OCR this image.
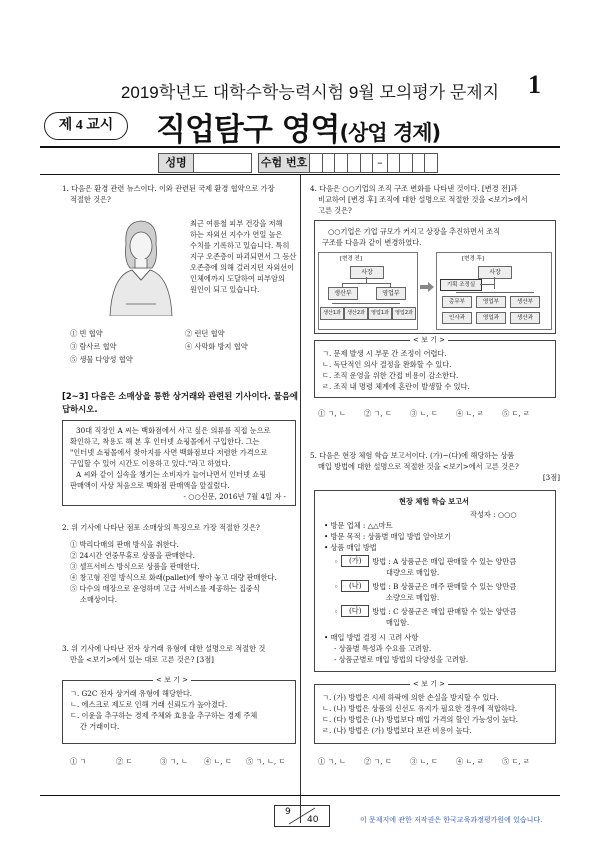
2019학년도 대학수학능력시험 9월 모의평가 문제지 1
제 4 교시	직업탐구 영역(상업 경제)
성명	수험 번호	–
1. 다음은 환경 관련 뉴스이다. 이와 관련된 국제 환경 협약으로 가장
적절한 것은?
최근 여름철 피부 건강을 저해
하는 자외선 지수가 연일 높은
수치를 기록하고 있습니다. 특히
지구 오존층이 파괴되면서 그 등산
오존층에 의해 걸러지던 자외선이
인체에까지 도달하여 피부암의
원인이 되고 있습니다.
① 빈 협약	② 런던 협약
③ 람사르 협약	④ 사막화 방지 협약
⑤ 생물 다양성 협약
[2~3] 다음은 소매상을 통한 상거래와 관련된 기사이다. 물음에
답하시오.
30대 직장인 A 씨는 백화점에서 사고 싶은 의류를 직접 눈으로
확인하고, 착용도 해 본 후 인터넷 쇼핑몰에서 구입한다. 그는
"인터넷 쇼핑몰에서 찾아지를 사면 백화점보다 저렴한 가격으로
구입할 수 있어 시간도 이용하고 있다."라고 하였다.
A 씨와 같이 실속을 챙기는 소비자가 늘어나면서 인터넷 쇼핑
판매액이 사상 처음으로 백화점 판매액을 앞질렀다.
- ○○신문, 2016년 7월 4일 자 -
2. 위 기사에 나타난 점포 소매상의 특징으로 가장 적절한 것은?
① 박리다매의 판매 방식을 취한다.
② 24시간 연중무휴로 상품을 판매한다.
③ 셀프서비스 방식으로 상품을 판매한다.
④ 창고형 진열 방식으로 화래(pallet)에 쌓아 놓고 대량 판매한다.
⑤ 다수의 매장으로 운영하며 고급 서비스를 제공하는 집중식
소매상이다.
3. 위 기사에 나타난 전자 상거래 유형에 대한 설명으로 적절한 것
만을 <보기>에서 있는 대로 고른 것은? [3점]
< 보 기 >
ㄱ. G2C 전자 상거래 유형에 해당한다.
ㄴ. 에스크로 제도로 인해 거래 신뢰도가 높아졌다.
ㄷ. 이윤을 추구하는 경제 주체와 효용을 추구하는 경제 주체
간 거래이다.
① ㄱ	② ㄷ	③ ㄱ, ㄴ ④ ㄴ, ㄷ ⑤ ㄱ, ㄴ, ㄷ
4. 다음은 ○○기업의 조직 구조 변화를 나타낸 것이다. [변경 전]과
비교하여 [변경 후] 조직에 대한 설명으로 적절한 것을 <보기>에서
고른 것은?
○○기업은 기업 규모가 커지고 상장을 추진하면서 조직
구조를 다음과 같이 변경하였다.
[변경 전]
사장
생산부	영업부
생산1과	생산2과	영업1과	영업2과
[변경 후]
사장
기획 조정실
총무부	영업부	생산부
인사과	영업과	생산과
< 보 기 >
ㄱ. 문제 발생 시 부문 간 조정이 어렵다.
ㄴ. 독단적인 의사 결정을 완화할 수 있다.
ㄷ. 조직 운영을 위한 간접 비용이 감소한다.
ㄹ. 조직 내 명령 체계에 혼란이 발생할 수 있다.
① ㄱ, ㄴ	② ㄱ, ㄷ	③ ㄴ, ㄷ	④ ㄴ, ㄹ	⑤ ㄷ, ㄹ
5. 다음은 현장 체험 학습 보고서이다. (가)~(다)에 해당하는 상품
매입 방법에 대한 설명으로 적절한 것을 <보기>에서 고른 것은?
[3점]
현장 체험 학습 보고서
작성자 : ○○○
• 방문 업체 : △△마트
• 방문 목적 : 상품별 매입 방법 알아보기
• 상품 매입 방법
◦	(가)	방법 : A 상품군은 매입 판매할 수 있는 양만큼
대량으로 매입함.
◦	(나)	방법 : B 상품군은 매주 판매할 수 있는 양만큼
소량으로 매입함.
◦	(다)	방법 : C 상품군은 매입 판매할 수 있는 양만큼
매입함.
• 매입 방법 결정 시 고려 사항
- 상품별 특성과 수요를 고려함.
- 상품군별로 매입 방법의 다양성을 고려함.
< 보 기 >
ㄱ. (가) 방법은 시세 하락에 의한 손실을 방지할 수 있다.
ㄴ. (나) 방법은 상품의 신선도 유지가 필요한 경우에 적합하다.
ㄷ. (다) 방법은 (나) 방법보다 매입 가격의 할인 가능성이 높다.
ㄹ. (나) 방법은 (가) 방법보다 보관 비용이 높다.
① ㄱ, ㄴ	② ㄱ, ㄷ	③ ㄴ, ㄷ	④ ㄴ, ㄹ	⑤ ㄷ, ㄹ
9
40	이 문제지에 관한 저작권은 한국교육과정평가원에 있습니다.
